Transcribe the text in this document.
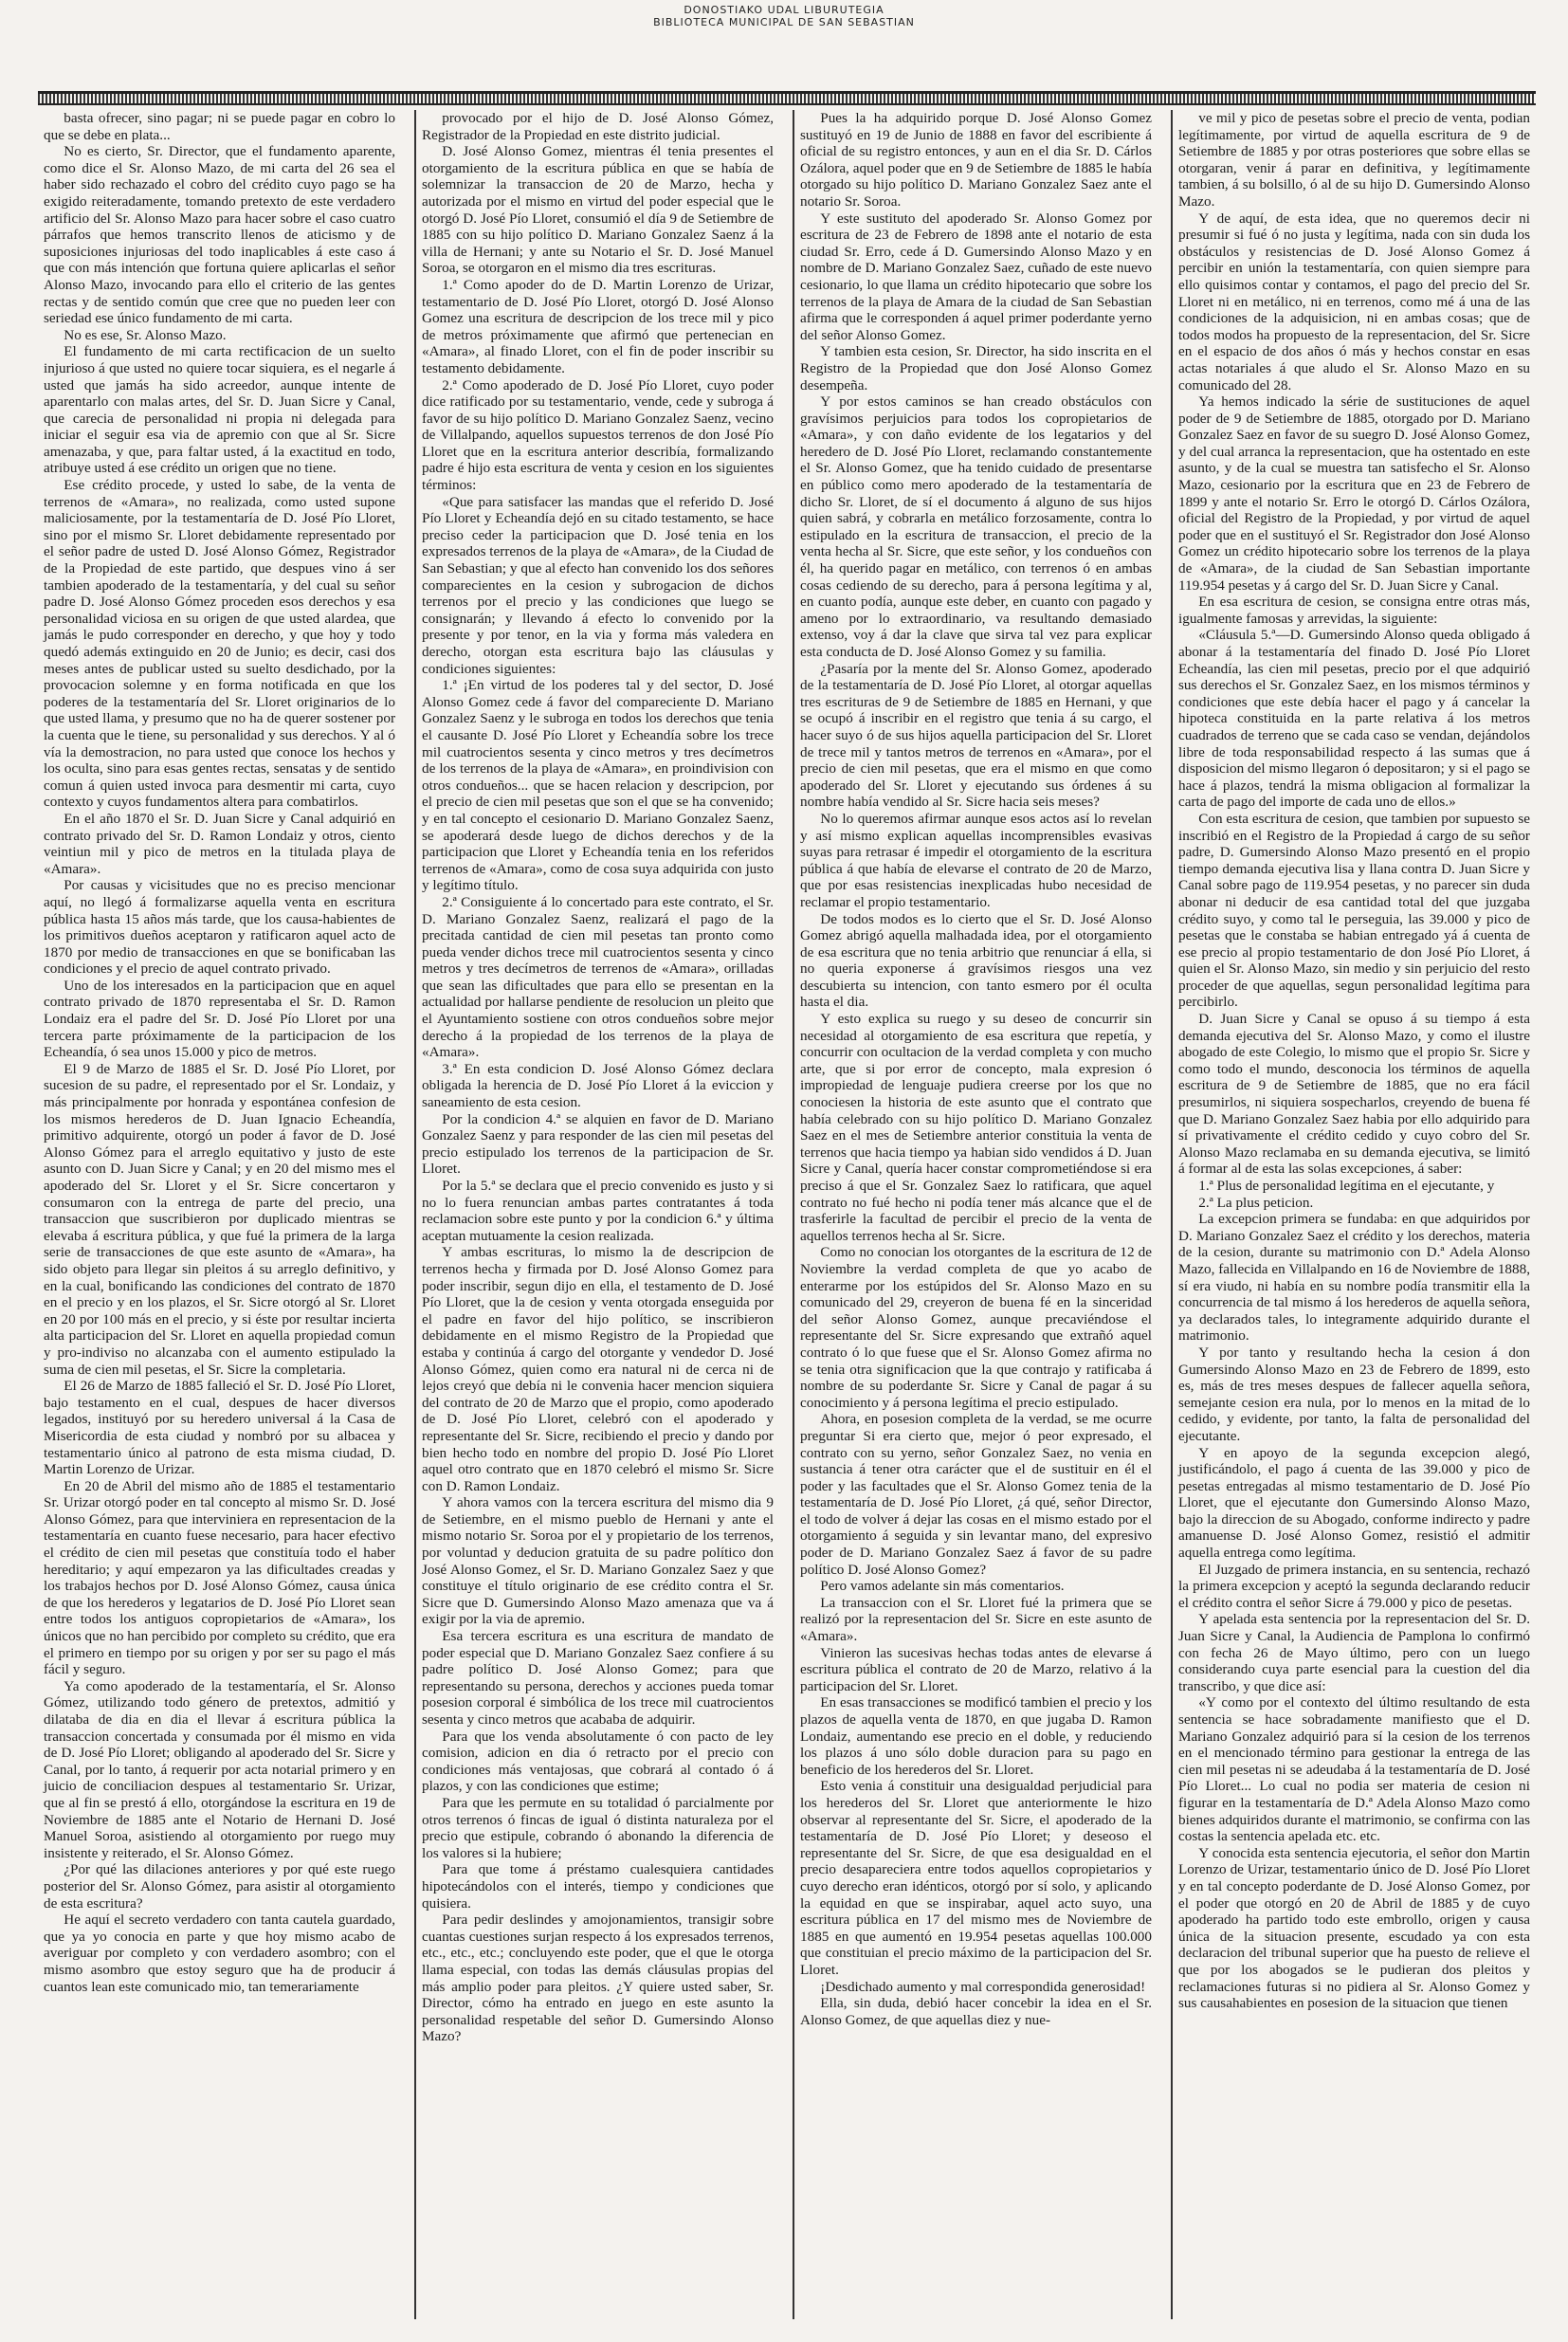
DONOSTIAKO UDAL LIBURUTEGIA
BIBLIOTECA MUNICIPAL DE SAN SEBASTIAN

basta ofrecer, sino pagar; ni se puede pagar en cobro lo que se debe en plata...

No es cierto, Sr. Director, que el fundamento aparente, como dice el Sr. Alonso Mazo, de mi carta del 26 sea el haber sido rechazado el cobro del crédito cuyo pago se ha exigido reiteradamente, tomando pretexto de este verdadero artificio del Sr. Alonso Mazo para hacer sobre el caso cuatro párrafos que hemos transcrito llenos de aticismo y de suposiciones injuriosas del todo inaplicables á este caso á que con más intención que fortuna quiere aplicarlas el señor Alonso Mazo, invocando para ello el criterio de las gentes rectas y de sentido común que cree que no pueden leer con seriedad ese único fundamento de mi carta.

No es ese, Sr. Alonso Mazo.

El fundamento de mi carta rectificacion de un suelto injurioso á que usted no quiere tocar siquiera, es el negarle á usted que jamás ha sido acreedor, aunque intente de aparentarlo con malas artes, del Sr. D. Juan Sicre y Canal, que carecia de personalidad ni propia ni delegada para iniciar el seguir esa via de apremio con que al Sr. Sicre amenazaba, y que, para faltar usted, á la exactitud en todo, atribuye usted á ese crédito un origen que no tiene.

Ese crédito procede, y usted lo sabe, de la venta de terrenos de «Amara», no realizada, como usted supone maliciosamente, por la testamentaría de D. José Pío Lloret, sino por el mismo Sr. Lloret debidamente representado por el señor padre de usted D. José Alonso Gómez, Registrador de la Propiedad de este partido, que despues vino á ser tambien apoderado de la testamentaría, y del cual su señor padre D. José Alonso Gómez proceden esos derechos y esa personalidad viciosa en su origen de que usted alardea, que jamás le pudo corresponder en derecho, y que hoy y todo quedó además extinguido en 20 de Junio; es decir, casi dos meses antes de publicar usted su suelto desdichado, por la provocacion solemne y en forma notificada en que los poderes de la testamentaría del Sr. Lloret originarios de lo que usted llama, y presumo que no ha de querer sostener por la cuenta que le tiene, su personalidad y sus derechos. Y al ó vía la demostracion, no para usted que conoce los hechos y los oculta, sino para esas gentes rectas, sensatas y de sentido comun á quien usted invoca para desmentir mi carta, cuyo contexto y cuyos fundamentos altera para combatirlos.

En el año 1870 el Sr. D. Juan Sicre y Canal adquirió en contrato privado del Sr. D. Ramon Londaiz y otros, ciento veintiun mil y pico de metros en la titulada playa de «Amara».

Por causas y vicisitudes que no es preciso mencionar aquí, no llegó á formalizarse aquella venta en escritura pública hasta 15 años más tarde, que los causa-habientes de los primitivos dueños aceptaron y ratificaron aquel acto de 1870 por medio de transacciones en que se bonificaban las condiciones y el precio de aquel contrato privado.

Uno de los interesados en la participacion que en aquel contrato privado de 1870 representaba el Sr. D. Ramon Londaiz era el padre del Sr. D. José Pío Lloret por una tercera parte próximamente de la participacion de los Echeandía, ó sea unos 15.000 y pico de metros.

El 9 de Marzo de 1885 el Sr. D. José Pío Lloret, por sucesion de su padre, el representado por el Sr. Londaiz, y más principalmente por honrada y espontánea confesion de los mismos herederos de D. Juan Ignacio Echeandía, primitivo adquirente, otorgó un poder á favor de D. José Alonso Gómez para el arreglo equitativo y justo de este asunto con D. Juan Sicre y Canal; y en 20 del mismo mes el apoderado del Sr. Lloret y el Sr. Sicre concertaron y consumaron con la entrega de parte del precio, una transaccion que suscribieron por duplicado mientras se elevaba á escritura pública, y que fué la primera de la larga serie de transacciones de que este asunto de «Amara», ha sido objeto para llegar sin pleitos á su arreglo definitivo, y en la cual, bonificando las condiciones del contrato de 1870 en el precio y en los plazos, el Sr. Sicre otorgó al Sr. Lloret en 20 por 100 más en el precio, y si éste por resultar incierta alta participacion del Sr. Lloret en aquella propiedad comun y pro-indiviso no alcanzaba con el aumento estipulado la suma de cien mil pesetas, el Sr. Sicre la completaria.

El 26 de Marzo de 1885 falleció el Sr. D. José Pío Lloret, bajo testamento en el cual, despues de hacer diversos legados, instituyó por su heredero universal á la Casa de Misericordia de esta ciudad y nombró por su albacea y testamentario único al patrono de esta misma ciudad, D. Martin Lorenzo de Urizar.

En 20 de Abril del mismo año de 1885 el testamentario Sr. Urizar otorgó poder en tal concepto al mismo Sr. D. José Alonso Gómez, para que interviniera en representacion de la testamentaría en cuanto fuese necesario, para hacer efectivo el crédito de cien mil pesetas que constituía todo el haber hereditario; y aquí empezaron ya las dificultades creadas y los trabajos hechos por D. José Alonso Gómez, causa única de que los herederos y legatarios de D. José Pío Lloret sean entre todos los antiguos copropietarios de «Amara», los únicos que no han percibido por completo su crédito, que era el primero en tiempo por su origen y por ser su pago el más fácil y seguro.

Ya como apoderado de la testamentaría, el Sr. Alonso Gómez, utilizando todo género de pretextos, admitió y dilataba de dia en dia el llevar á escritura pública la transaccion concertada y consumada por él mismo en vida de D. José Pío Lloret; obligando al apoderado del Sr. Sicre y Canal, por lo tanto, á requerir por acta notarial primero y en juicio de conciliacion despues al testamentario Sr. Urizar, que al fin se prestó á ello, otorgándose la escritura en 19 de Noviembre de 1885 ante el Notario de Hernani D. José Manuel Soroa, asistiendo al otorgamiento por ruego muy insistente y reiterado, el Sr. Alonso Gómez.

¿Por qué las dilaciones anteriores y por qué este ruego posterior del Sr. Alonso Gómez, para asistir al otorgamiento de esta escritura?

He aquí el secreto verdadero con tanta cautela guardado, que ya yo conocia en parte y que hoy mismo acabo de averiguar por completo y con verdadero asombro; con el mismo asombro que estoy seguro que ha de producir á cuantos lean este comunicado mio, tan temerariamente

provocado por el hijo de D. José Alonso Gómez, Registrador de la Propiedad en este distrito judicial.

D. José Alonso Gomez, mientras él tenia presentes el otorgamiento de la escritura pública en que se había de solemnizar la transaccion de 20 de Marzo, hecha y autorizada por el mismo en virtud del poder especial que le otorgó D. José Pío Lloret, consumió el día 9 de Setiembre de 1885 con su hijo político D. Mariano Gonzalez Saenz á la villa de Hernani; y ante su Notario el Sr. D. José Manuel Soroa, se otorgaron en el mismo dia tres escrituras.

1.ª Como apoder do de D. Martin Lorenzo de Urizar, testamentario de D. José Pío Lloret, otorgó D. José Alonso Gomez una escritura de descripcion de los trece mil y pico de metros próximamente que afirmó que pertenecian en «Amara», al finado Lloret, con el fin de poder inscribir su testamento debidamente.

2.ª Como apoderado de D. José Pío Lloret, cuyo poder dice ratificado por su testamentario, vende, cede y subroga á favor de su hijo político D. Mariano Gonzalez Saenz, vecino de Villalpando, aquellos supuestos terrenos de don José Pío Lloret que en la escritura anterior describía, formalizando padre é hijo esta escritura de venta y cesion en los siguientes términos:

«Que para satisfacer las mandas que el referido D. José Pío Lloret y Echeandía dejó en su citado testamento, se hace preciso ceder la participacion que D. José tenia en los expresados terrenos de la playa de «Amara», de la Ciudad de San Sebastian; y que al efecto han convenido los dos señores comparecientes en la cesion y subrogacion de dichos terrenos por el precio y las condiciones que luego se consignarán; y llevando á efecto lo convenido por la presente y por tenor, en la via y forma más valedera en derecho, otorgan esta escritura bajo las cláusulas y condiciones siguientes:

1.ª ¡En virtud de los poderes tal y del sector, D. José Alonso Gomez cede á favor del compareciente D. Mariano Gonzalez Saenz y le subroga en todos los derechos que tenia el causante D. José Pío Lloret y Echeandía sobre los trece mil cuatrocientos sesenta y cinco metros y tres decímetros de los terrenos de la playa de «Amara», en proindivision con otros condueños... que se hacen relacion y descripcion, por el precio de cien mil pesetas que son el que se ha convenido; y en tal concepto el cesionario D. Mariano Gonzalez Saenz, se apoderará desde luego de dichos derechos y de la participacion que Lloret y Echeandía tenia en los referidos terrenos de «Amara», como de cosa suya adquirida con justo y legítimo título.

2.ª Consiguiente á lo concertado para este contrato, el Sr. D. Mariano Gonzalez Saenz, realizará el pago de la precitada cantidad de cien mil pesetas tan pronto como pueda vender dichos trece mil cuatrocientos sesenta y cinco metros y tres decímetros de terrenos de «Amara», orilladas que sean las dificultades que para ello se presentan en la actualidad por hallarse pendiente de resolucion un pleito que el Ayuntamiento sostiene con otros condueños sobre mejor derecho á la propiedad de los terrenos de la playa de «Amara».

3.ª En esta condicion D. José Alonso Gómez declara obligada la herencia de D. José Pío Lloret á la eviccion y saneamiento de esta cesion.

Por la condicion 4.ª se alquien en favor de D. Mariano Gonzalez Saenz y para responder de las cien mil pesetas del precio estipulado los terrenos de la participacion de Sr. Lloret.

Por la 5.ª se declara que el precio convenido es justo y si no lo fuera renuncian ambas partes contratantes á toda reclamacion sobre este punto y por la condicion 6.ª y última aceptan mutuamente la cesion realizada.

Y ambas escrituras, lo mismo la de descripcion de terrenos hecha y firmada por D. José Alonso Gomez para poder inscribir, segun dijo en ella, el testamento de D. José Pío Lloret, que la de cesion y venta otorgada enseguida por el padre en favor del hijo político, se inscribieron debidamente en el mismo Registro de la Propiedad que estaba y continúa á cargo del otorgante y vendedor D. José Alonso Gómez, quien como era natural ni de cerca ni de lejos creyó que debía ni le convenia hacer mencion siquiera del contrato de 20 de Marzo que el propio, como apoderado de D. José Pío Lloret, celebró con el apoderado y representante del Sr. Sicre, recibiendo el precio y dando por bien hecho todo en nombre del propio D. José Pío Lloret aquel otro contrato que en 1870 celebró el mismo Sr. Sicre con D. Ramon Londaiz.

Y ahora vamos con la tercera escritura del mismo dia 9 de Setiembre, en el mismo pueblo de Hernani y ante el mismo notario Sr. Soroa por el y propietario de los terrenos, por voluntad y deducion gratuita de su padre político don José Alonso Gomez, el Sr. D. Mariano Gonzalez Saez y que constituye el título originario de ese crédito contra el Sr. Sicre que D. Gumersindo Alonso Mazo amenaza que va á exigir por la via de apremio.

Esa tercera escritura es una escritura de mandato de poder especial que D. Mariano Gonzalez Saez confiere á su padre político D. José Alonso Gomez; para que representando su persona, derechos y acciones pueda tomar posesion corporal é simbólica de los trece mil cuatrocientos sesenta y cinco metros que acababa de adquirir.

Para que los venda absolutamente ó con pacto de ley comision, adicion en dia ó retracto por el precio con condiciones más ventajosas, que cobrará al contado ó á plazos, y con las condiciones que estime;

Para que les permute en su totalidad ó parcialmente por otros terrenos ó fincas de igual ó distinta naturaleza por el precio que estipule, cobrando ó abonando la diferencia de los valores si la hubiere;

Para que tome á préstamo cualesquiera cantidades hipotecándolos con el interés, tiempo y condiciones que quisiera.

Para pedir deslindes y amojonamientos, transigir sobre cuantas cuestiones surjan respecto á los expresados terrenos, etc., etc., etc.; concluyendo este poder, que el que le otorga llama especial, con todas las demás cláusulas propias del más amplio poder para pleitos. ¿Y quiere usted saber, Sr. Director, cómo ha entrado en juego en este asunto la personalidad respetable del señor D. Gumersindo Alonso Mazo?

Pues la ha adquirido porque D. José Alonso Gomez sustituyó en 19 de Junio de 1888 en favor del escribiente á oficial de su registro entonces, y aun en el dia Sr. D. Cárlos Ozálora, aquel poder que en 9 de Setiembre de 1885 le había otorgado su hijo político D. Mariano Gonzalez Saez ante el notario Sr. Soroa.

Y este sustituto del apoderado Sr. Alonso Gomez por escritura de 23 de Febrero de 1898 ante el notario de esta ciudad Sr. Erro, cede á D. Gumersindo Alonso Mazo y en nombre de D. Mariano Gonzalez Saez, cuñado de este nuevo cesionario, lo que llama un crédito hipotecario que sobre los terrenos de la playa de Amara de la ciudad de San Sebastian afirma que le corresponden á aquel primer poderdante yerno del señor Alonso Gomez.

Y tambien esta cesion, Sr. Director, ha sido inscrita en el Registro de la Propiedad que don José Alonso Gomez desempeña.

Y por estos caminos se han creado obstáculos con gravísimos perjuicios para todos los copropietarios de «Amara», y con daño evidente de los legatarios y del heredero de D. José Pío Lloret, reclamando constantemente el Sr. Alonso Gomez, que ha tenido cuidado de presentarse en público como mero apoderado de la testamentaría de dicho Sr. Lloret, de sí el documento á alguno de sus hijos quien sabrá, y cobrarla en metálico forzosamente, contra lo estipulado en la escritura de transaccion, el precio de la venta hecha al Sr. Sicre, que este señor, y los condueños con él, ha querido pagar en metálico, con terrenos ó en ambas cosas cediendo de su derecho, para á persona legítima y al, en cuanto podía, aunque este deber, en cuanto con pagado y ameno por lo extraordinario, va resultando demasiado extenso, voy á dar la clave que sirva tal vez para explicar esta conducta de D. José Alonso Gomez y su familia.

¿Pasaría por la mente del Sr. Alonso Gomez, apoderado de la testamentaría de D. José Pío Lloret, al otorgar aquellas tres escrituras de 9 de Setiembre de 1885 en Hernani, y que se ocupó á inscribir en el registro que tenia á su cargo, el hacer suyo ó de sus hijos aquella participacion del Sr. Lloret de trece mil y tantos metros de terrenos en «Amara», por el precio de cien mil pesetas, que era el mismo en que como apoderado del Sr. Lloret y ejecutando sus órdenes á su nombre había vendido al Sr. Sicre hacia seis meses?

No lo queremos afirmar aunque esos actos así lo revelan y así mismo explican aquellas incomprensibles evasivas suyas para retrasar é impedir el otorgamiento de la escritura pública á que había de elevarse el contrato de 20 de Marzo, que por esas resistencias inexplicadas hubo necesidad de reclamar el propio testamentario.

De todos modos es lo cierto que el Sr. D. José Alonso Gomez abrigó aquella malhadada idea, por el otorgamiento de esa escritura que no tenia arbitrio que renunciar á ella, si no queria exponerse á gravísimos riesgos una vez descubierta su intencion, con tanto esmero por él oculta hasta el dia.

Y esto explica su ruego y su deseo de concurrir sin necesidad al otorgamiento de esa escritura que repetía, y concurrir con ocultacion de la verdad completa y con mucho arte, que si por error de concepto, mala expresion ó impropiedad de lenguaje pudiera creerse por los que no conociesen la historia de este asunto que el contrato que había celebrado con su hijo político D. Mariano Gonzalez Saez en el mes de Setiembre anterior constituia la venta de terrenos que hacia tiempo ya habian sido vendidos á D. Juan Sicre y Canal, quería hacer constar comprometiéndose si era preciso á que el Sr. Gonzalez Saez lo ratificara, que aquel contrato no fué hecho ni podía tener más alcance que el de trasferirle la facultad de percibir el precio de la venta de aquellos terrenos hecha al Sr. Sicre.

Como no conocian los otorgantes de la escritura de 12 de Noviembre la verdad completa de que yo acabo de enterarme por los estúpidos del Sr. Alonso Mazo en su comunicado del 29, creyeron de buena fé en la sinceridad del señor Alonso Gomez, aunque precaviéndose el representante del Sr. Sicre expresando que extrañó aquel contrato ó lo que fuese que el Sr. Alonso Gomez afirma no se tenia otra significacion que la que contrajo y ratificaba á nombre de su poderdante Sr. Sicre y Canal de pagar á su conocimiento y á persona legítima el precio estipulado.

Ahora, en posesion completa de la verdad, se me ocurre preguntar Si era cierto que, mejor ó peor expresado, el contrato con su yerno, señor Gonzalez Saez, no venia en sustancia á tener otra carácter que el de sustituir en él el poder y las facultades que el Sr. Alonso Gomez tenia de la testamentaría de D. José Pío Lloret, ¿á qué, señor Director, el todo de volver á dejar las cosas en el mismo estado por el otorgamiento á seguida y sin levantar mano, del expresivo poder de D. Mariano Gonzalez Saez á favor de su padre político D. José Alonso Gomez?

Pero vamos adelante sin más comentarios.

La transaccion con el Sr. Lloret fué la primera que se realizó por la representacion del Sr. Sicre en este asunto de «Amara».

Vinieron las sucesivas hechas todas antes de elevarse á escritura pública el contrato de 20 de Marzo, relativo á la participacion del Sr. Lloret.

En esas transacciones se modificó tambien el precio y los plazos de aquella venta de 1870, en que jugaba D. Ramon Londaiz, aumentando ese precio en el doble, y reduciendo los plazos á uno sólo doble duracion para su pago en beneficio de los herederos del Sr. Lloret.

Esto venia á constituir una desigualdad perjudicial para los herederos del Sr. Lloret que anteriormente le hizo observar al representante del Sr. Sicre, el apoderado de la testamentaría de D. José Pío Lloret; y deseoso el representante del Sr. Sicre, de que esa desigualdad en el precio desapareciera entre todos aquellos copropietarios y cuyo derecho eran idénticos, otorgó por sí solo, y aplicando la equidad en que se inspirabar, aquel acto suyo, una escritura pública en 17 del mismo mes de Noviembre de 1885 en que aumentó en 19.954 pesetas aquellas 100.000 que constituian el precio máximo de la participacion del Sr. Lloret.

¡Desdichado aumento y mal correspondida generosidad!

Ella, sin duda, debió hacer concebir la idea en el Sr. Alonso Gomez, de que aquellas diez y nue-

ve mil y pico de pesetas sobre el precio de venta, podian legítimamente, por virtud de aquella escritura de 9 de Setiembre de 1885 y por otras posteriores que sobre ellas se otorgaran, venir á parar en definitiva, y legítimamente tambien, á su bolsillo, ó al de su hijo D. Gumersindo Alonso Mazo.

Y de aquí, de esta idea, que no queremos decir ni presumir si fué ó no justa y legítima, nada con sin duda los obstáculos y resistencias de D. José Alonso Gomez á percibir en unión la testamentaría, con quien siempre para ello quisimos contar y contamos, el pago del precio del Sr. Lloret ni en metálico, ni en terrenos, como mé á una de las condiciones de la adquisicion, ni en ambas cosas; que de todos modos ha propuesto de la representacion, del Sr. Sicre en el espacio de dos años ó más y hechos constar en esas actas notariales á que aludo el Sr. Alonso Mazo en su comunicado del 28.

Ya hemos indicado la série de sustituciones de aquel poder de 9 de Setiembre de 1885, otorgado por D. Mariano Gonzalez Saez en favor de su suegro D. José Alonso Gomez, y del cual arranca la representacion, que ha ostentado en este asunto, y de la cual se muestra tan satisfecho el Sr. Alonso Mazo, cesionario por la escritura que en 23 de Febrero de 1899 y ante el notario Sr. Erro le otorgó D. Cárlos Ozálora, oficial del Registro de la Propiedad, y por virtud de aquel poder que en el sustituyó el Sr. Registrador don José Alonso Gomez un crédito hipotecario sobre los terrenos de la playa de «Amara», de la ciudad de San Sebastian importante 119.954 pesetas y á cargo del Sr. D. Juan Sicre y Canal.

En esa escritura de cesion, se consigna entre otras más, igualmente famosas y arrevidas, la siguiente:

«Cláusula 5.ª—D. Gumersindo Alonso queda obligado á abonar á la testamentaría del finado D. José Pío Lloret Echeandía, las cien mil pesetas, precio por el que adquirió sus derechos el Sr. Gonzalez Saez, en los mismos términos y condiciones que este debía hacer el pago y á cancelar la hipoteca constituida en la parte relativa á los metros cuadrados de terreno que se cada caso se vendan, dejándolos libre de toda responsabilidad respecto á las sumas que á disposicion del mismo llegaron ó depositaron; y si el pago se hace á plazos, tendrá la misma obligacion al formalizar la carta de pago del importe de cada uno de ellos.»

Con esta escritura de cesion, que tambien por supuesto se inscribió en el Registro de la Propiedad á cargo de su señor padre, D. Gumersindo Alonso Mazo presentó en el propio tiempo demanda ejecutiva lisa y llana contra D. Juan Sicre y Canal sobre pago de 119.954 pesetas, y no parecer sin duda abonar ni deducir de esa cantidad total del que juzgaba crédito suyo, y como tal le perseguia, las 39.000 y pico de pesetas que le constaba se habian entregado yá á cuenta de ese precio al propio testamentario de don José Pío Lloret, á quien el Sr. Alonso Mazo, sin medio y sin perjuicio del resto proceder de que aquellas, segun personalidad legítima para percibirlo.

D. Juan Sicre y Canal se opuso á su tiempo á esta demanda ejecutiva del Sr. Alonso Mazo, y como el ilustre abogado de este Colegio, lo mismo que el propio Sr. Sicre y como todo el mundo, desconocia los términos de aquella escritura de 9 de Setiembre de 1885, que no era fácil presumirlos, ni siquiera sospecharlos, creyendo de buena fé que D. Mariano Gonzalez Saez habia por ello adquirido para sí privativamente el crédito cedido y cuyo cobro del Sr. Alonso Mazo reclamaba en su demanda ejecutiva, se limitó á formar al de esta las solas excepciones, á saber:

1.ª Plus de personalidad legítima en el ejecutante, y

2.ª La plus peticion.

La excepcion primera se fundaba: en que adquiridos por D. Mariano Gonzalez Saez el crédito y los derechos, materia de la cesion, durante su matrimonio con D.ª Adela Alonso Mazo, fallecida en Villalpando en 16 de Noviembre de 1888, sí era viudo, ni había en su nombre podía transmitir ella la concurrencia de tal mismo á los herederos de aquella señora, ya declarados tales, lo integramente adquirido durante el matrimonio.

Y por tanto y resultando hecha la cesion á don Gumersindo Alonso Mazo en 23 de Febrero de 1899, esto es, más de tres meses despues de fallecer aquella señora, semejante cesion era nula, por lo menos en la mitad de lo cedido, y evidente, por tanto, la falta de personalidad del ejecutante.

Y en apoyo de la segunda excepcion alegó, justificándolo, el pago á cuenta de las 39.000 y pico de pesetas entregadas al mismo testamentario de D. José Pío Lloret, que el ejecutante don Gumersindo Alonso Mazo, bajo la direccion de su Abogado, conforme indirecto y padre amanuense D. José Alonso Gomez, resistió el admitir aquella entrega como legítima.

El Juzgado de primera instancia, en su sentencia, rechazó la primera excepcion y aceptó la segunda declarando reducir el crédito contra el señor Sicre á 79.000 y pico de pesetas.

Y apelada esta sentencia por la representacion del Sr. D. Juan Sicre y Canal, la Audiencia de Pamplona lo confirmó con fecha 26 de Mayo último, pero con un luego considerando cuya parte esencial para la cuestion del dia transcribo, y que dice así:

«Y como por el contexto del último resultando de esta sentencia se hace sobradamente manifiesto que el D. Mariano Gonzalez adquirió para sí la cesion de los terrenos en el mencionado término para gestionar la entrega de las cien mil pesetas ni se adeudaba á la testamentaría de D. José Pío Lloret... Lo cual no podia ser materia de cesion ni figurar en la testamentaría de D.ª Adela Alonso Mazo como bienes adquiridos durante el matrimonio, se confirma con las costas la sentencia apelada etc. etc.

Y conocida esta sentencia ejecutoria, el señor don Martin Lorenzo de Urizar, testamentario único de D. José Pío Lloret y en tal concepto poderdante de D. José Alonso Gomez, por el poder que otorgó en 20 de Abril de 1885 y de cuyo apoderado ha partido todo este embrollo, origen y causa única de la situacion presente, escudado ya con esta declaracion del tribunal superior que ha puesto de relieve el que por los abogados se le pudieran dos pleitos y reclamaciones futuras si no pidiera al Sr. Alonso Gomez y sus causahabientes en posesion de la situacion que tienen
